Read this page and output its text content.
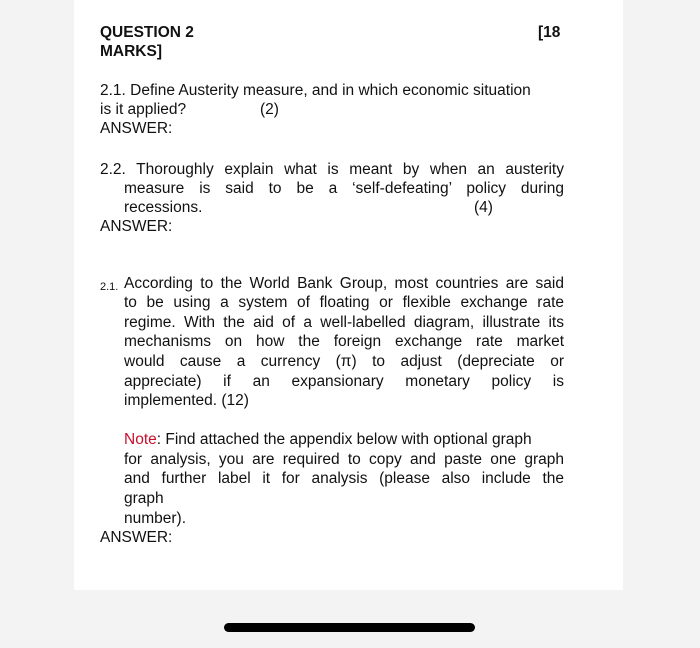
QUESTION 2	[18
MARKS]
2.1. Define Austerity measure, and in which economic situation
is it applied?	(2)
ANSWER:
2.2. Thoroughly explain what is meant by when an austerity
measure is said to be a ‘self-defeating’ policy during
recessions.	(4)
ANSWER:
2.1. According to the World Bank Group, most countries are said
to be using a system of floating or flexible exchange rate
regime. With the aid of a well-labelled diagram, illustrate its
mechanisms on how the foreign exchange rate market
would cause a currency (π) to adjust (depreciate or
appreciate) if an expansionary monetary policy is
implemented. (12)
Note: Find attached the appendix below with optional graph
for analysis, you are required to copy and paste one graph
and further label it for analysis (please also include the
graph
number).
ANSWER:
